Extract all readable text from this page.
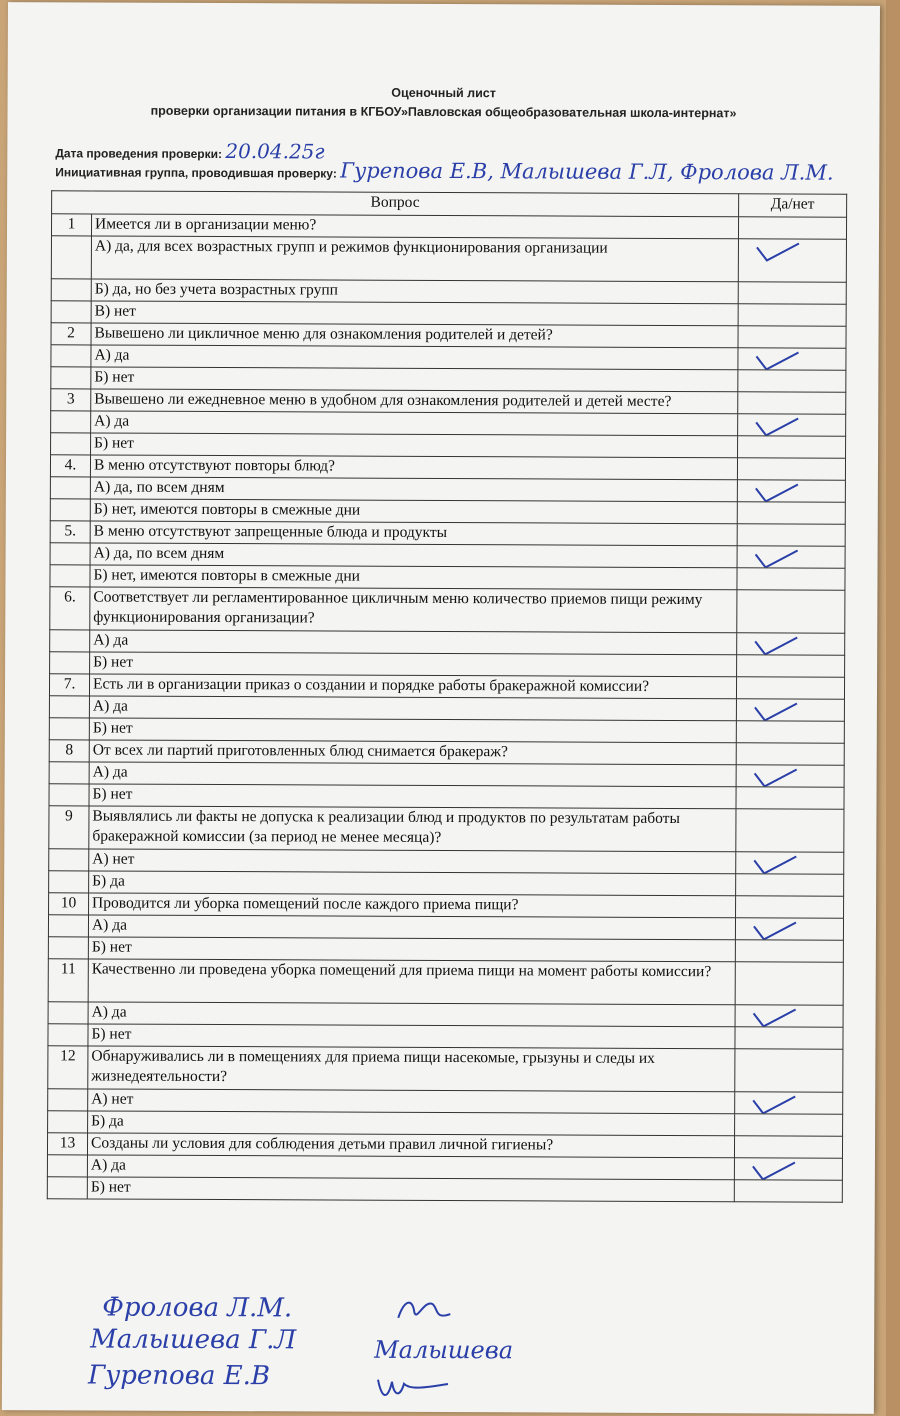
Оценочный лист
проверки организации питания в КГБОУ»Павловская общеобразовательная школа-интернат»
Дата проведения проверки: 20.04.25г
Инициативная группа, проводившая проверку: Гурепова Е.В, Малышева Г.Л, Фролова Л.М.
Вопрос		Да/нет
1	Имеется ли в организации меню?	
	А) да, для всех возрастных групп и режимов функционирования организации	

	Б) да, но без учета возрастных групп	
	В) нет	
2	Вывешено ли цикличное меню для ознакомления родителей и детей?	
	А) да	

	Б) нет	
3	Вывешено ли ежедневное меню в удобном для ознакомления родителей и детей месте?	
	А) да	

	Б) нет	
4.	В меню отсутствуют повторы блюд?	
	А) да, по всем дням	

	Б) нет, имеются повторы в смежные дни	
5.	В меню отсутствуют запрещенные блюда и продукты	
	А) да, по всем дням	

	Б) нет, имеются повторы в смежные дни	
6.	Соответствует ли регламентированное цикличным меню количество приемов пищи режиму функционирования организации?	
	А) да	

	Б) нет	
7.	Есть ли в организации приказ о создании и порядке работы бракеражной комиссии?	
	А) да	

	Б) нет	
8	От всех ли партий приготовленных блюд снимается бракераж?	
	А) да	

	Б) нет	
9	Выявлялись ли факты не допуска к реализации блюд и продуктов по результатам работы бракеражной комиссии (за период не менее месяца)?	
	А) нет	

	Б) да	
10	Проводится ли уборка помещений после каждого приема пищи?	
	А) да	

	Б) нет	
11	Качественно ли проведена уборка помещений для приема пищи на момент работы комиссии?	
	А) да	

	Б) нет	
12	Обнаруживались ли в помещениях для приема пищи насекомые, грызуны и следы их жизнедеятельности?	
	А) нет	

	Б) да	
13	Созданы ли условия для соблюдения детьми правил личной гигиены?	
	А) да	

	Б) нет	
Фролова Л.М.
Малышева Г.Л
Гурепова Е.В
Малышева
